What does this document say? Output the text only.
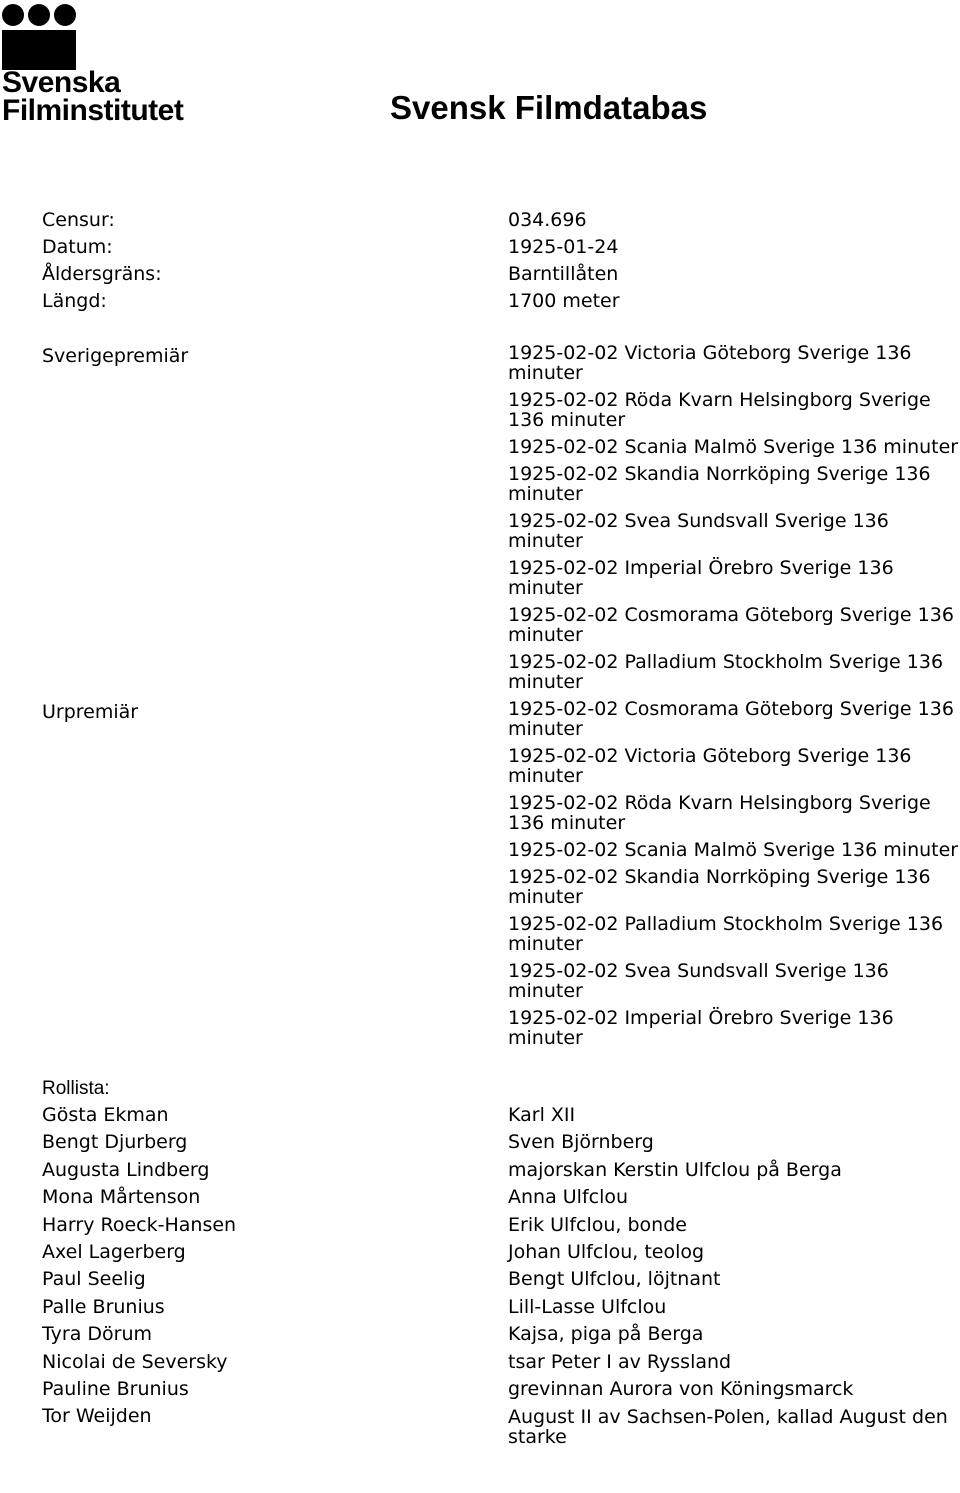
Svenska
Filminstitutet	Svensk Filmdatabas
Censur:	034.696
Datum:	1925-01-24
Åldersgräns:	Barntillåten
Längd:	1700 meter
Sverigepremiär	1925-02-02 Victoria Göteborg Sverige 136 minuter
1925-02-02 Röda Kvarn Helsingborg Sverige 136 minuter
1925-02-02 Scania Malmö Sverige 136 minuter
1925-02-02 Skandia Norrköping Sverige 136 minuter
1925-02-02 Svea Sundsvall Sverige 136 minuter
1925-02-02 Imperial Örebro Sverige 136 minuter
1925-02-02 Cosmorama Göteborg Sverige 136 minuter
1925-02-02 Palladium Stockholm Sverige 136 minuter
Urpremiär	1925-02-02 Cosmorama Göteborg Sverige 136 minuter
1925-02-02 Victoria Göteborg Sverige 136 minuter
1925-02-02 Röda Kvarn Helsingborg Sverige 136 minuter
1925-02-02 Scania Malmö Sverige 136 minuter
1925-02-02 Skandia Norrköping Sverige 136 minuter
1925-02-02 Palladium Stockholm Sverige 136 minuter
1925-02-02 Svea Sundsvall Sverige 136 minuter
1925-02-02 Imperial Örebro Sverige 136 minuter
Rollista:
Gösta Ekman	Karl XII
Bengt Djurberg	Sven Björnberg
Augusta Lindberg	majorskan Kerstin Ulfclou på Berga
Mona Mårtenson	Anna Ulfclou
Harry Roeck-Hansen	Erik Ulfclou, bonde
Axel Lagerberg	Johan Ulfclou, teolog
Paul Seelig	Bengt Ulfclou, löjtnant
Palle Brunius	Lill-Lasse Ulfclou
Tyra Dörum	Kajsa, piga på Berga
Nicolai de Seversky	tsar Peter I av Ryssland
Pauline Brunius	grevinnan Aurora von Köningsmarck
Tor Weijden	August II av Sachsen-Polen, kallad August den starke
